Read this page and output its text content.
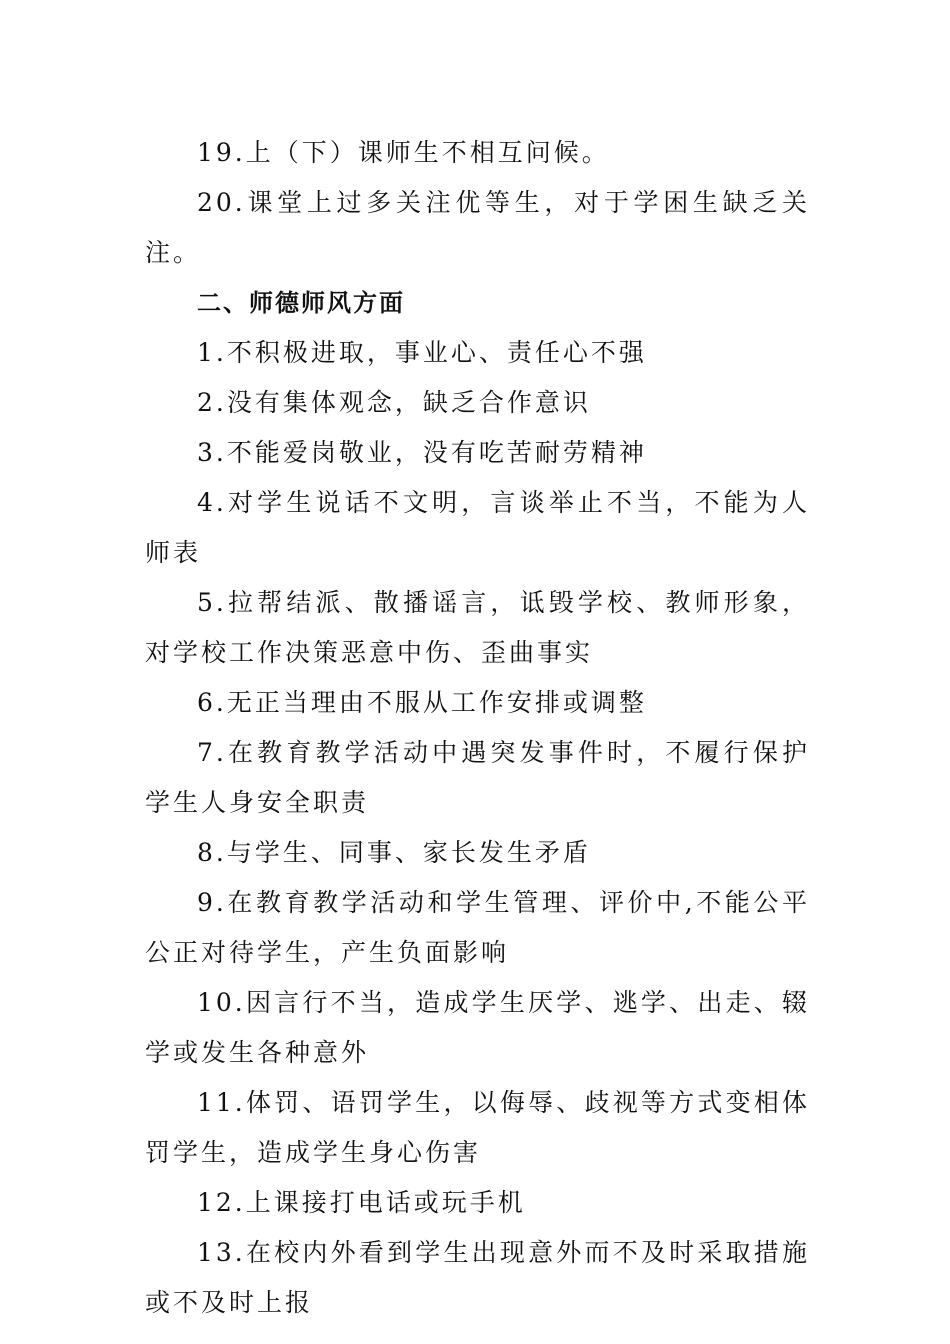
19.上（下）课师生不相互问候。

20.课堂上过多关注优等生，对于学困生缺乏关注。

二、师德师风方面

1.不积极进取，事业心、责任心不强

2.没有集体观念，缺乏合作意识

3.不能爱岗敬业，没有吃苦耐劳精神

4.对学生说话不文明，言谈举止不当，不能为人师表

5.拉帮结派、散播谣言，诋毁学校、教师形象，对学校工作决策恶意中伤、歪曲事实

6.无正当理由不服从工作安排或调整

7.在教育教学活动中遇突发事件时，不履行保护学生人身安全职责

8.与学生、同事、家长发生矛盾

9.在教育教学活动和学生管理、评价中,不能公平公正对待学生，产生负面影响

10.因言行不当，造成学生厌学、逃学、出走、辍学或发生各种意外

11.体罚、语罚学生，以侮辱、歧视等方式变相体罚学生，造成学生身心伤害

12.上课接打电话或玩手机

13.在校内外看到学生出现意外而不及时采取措施或不及时上报
